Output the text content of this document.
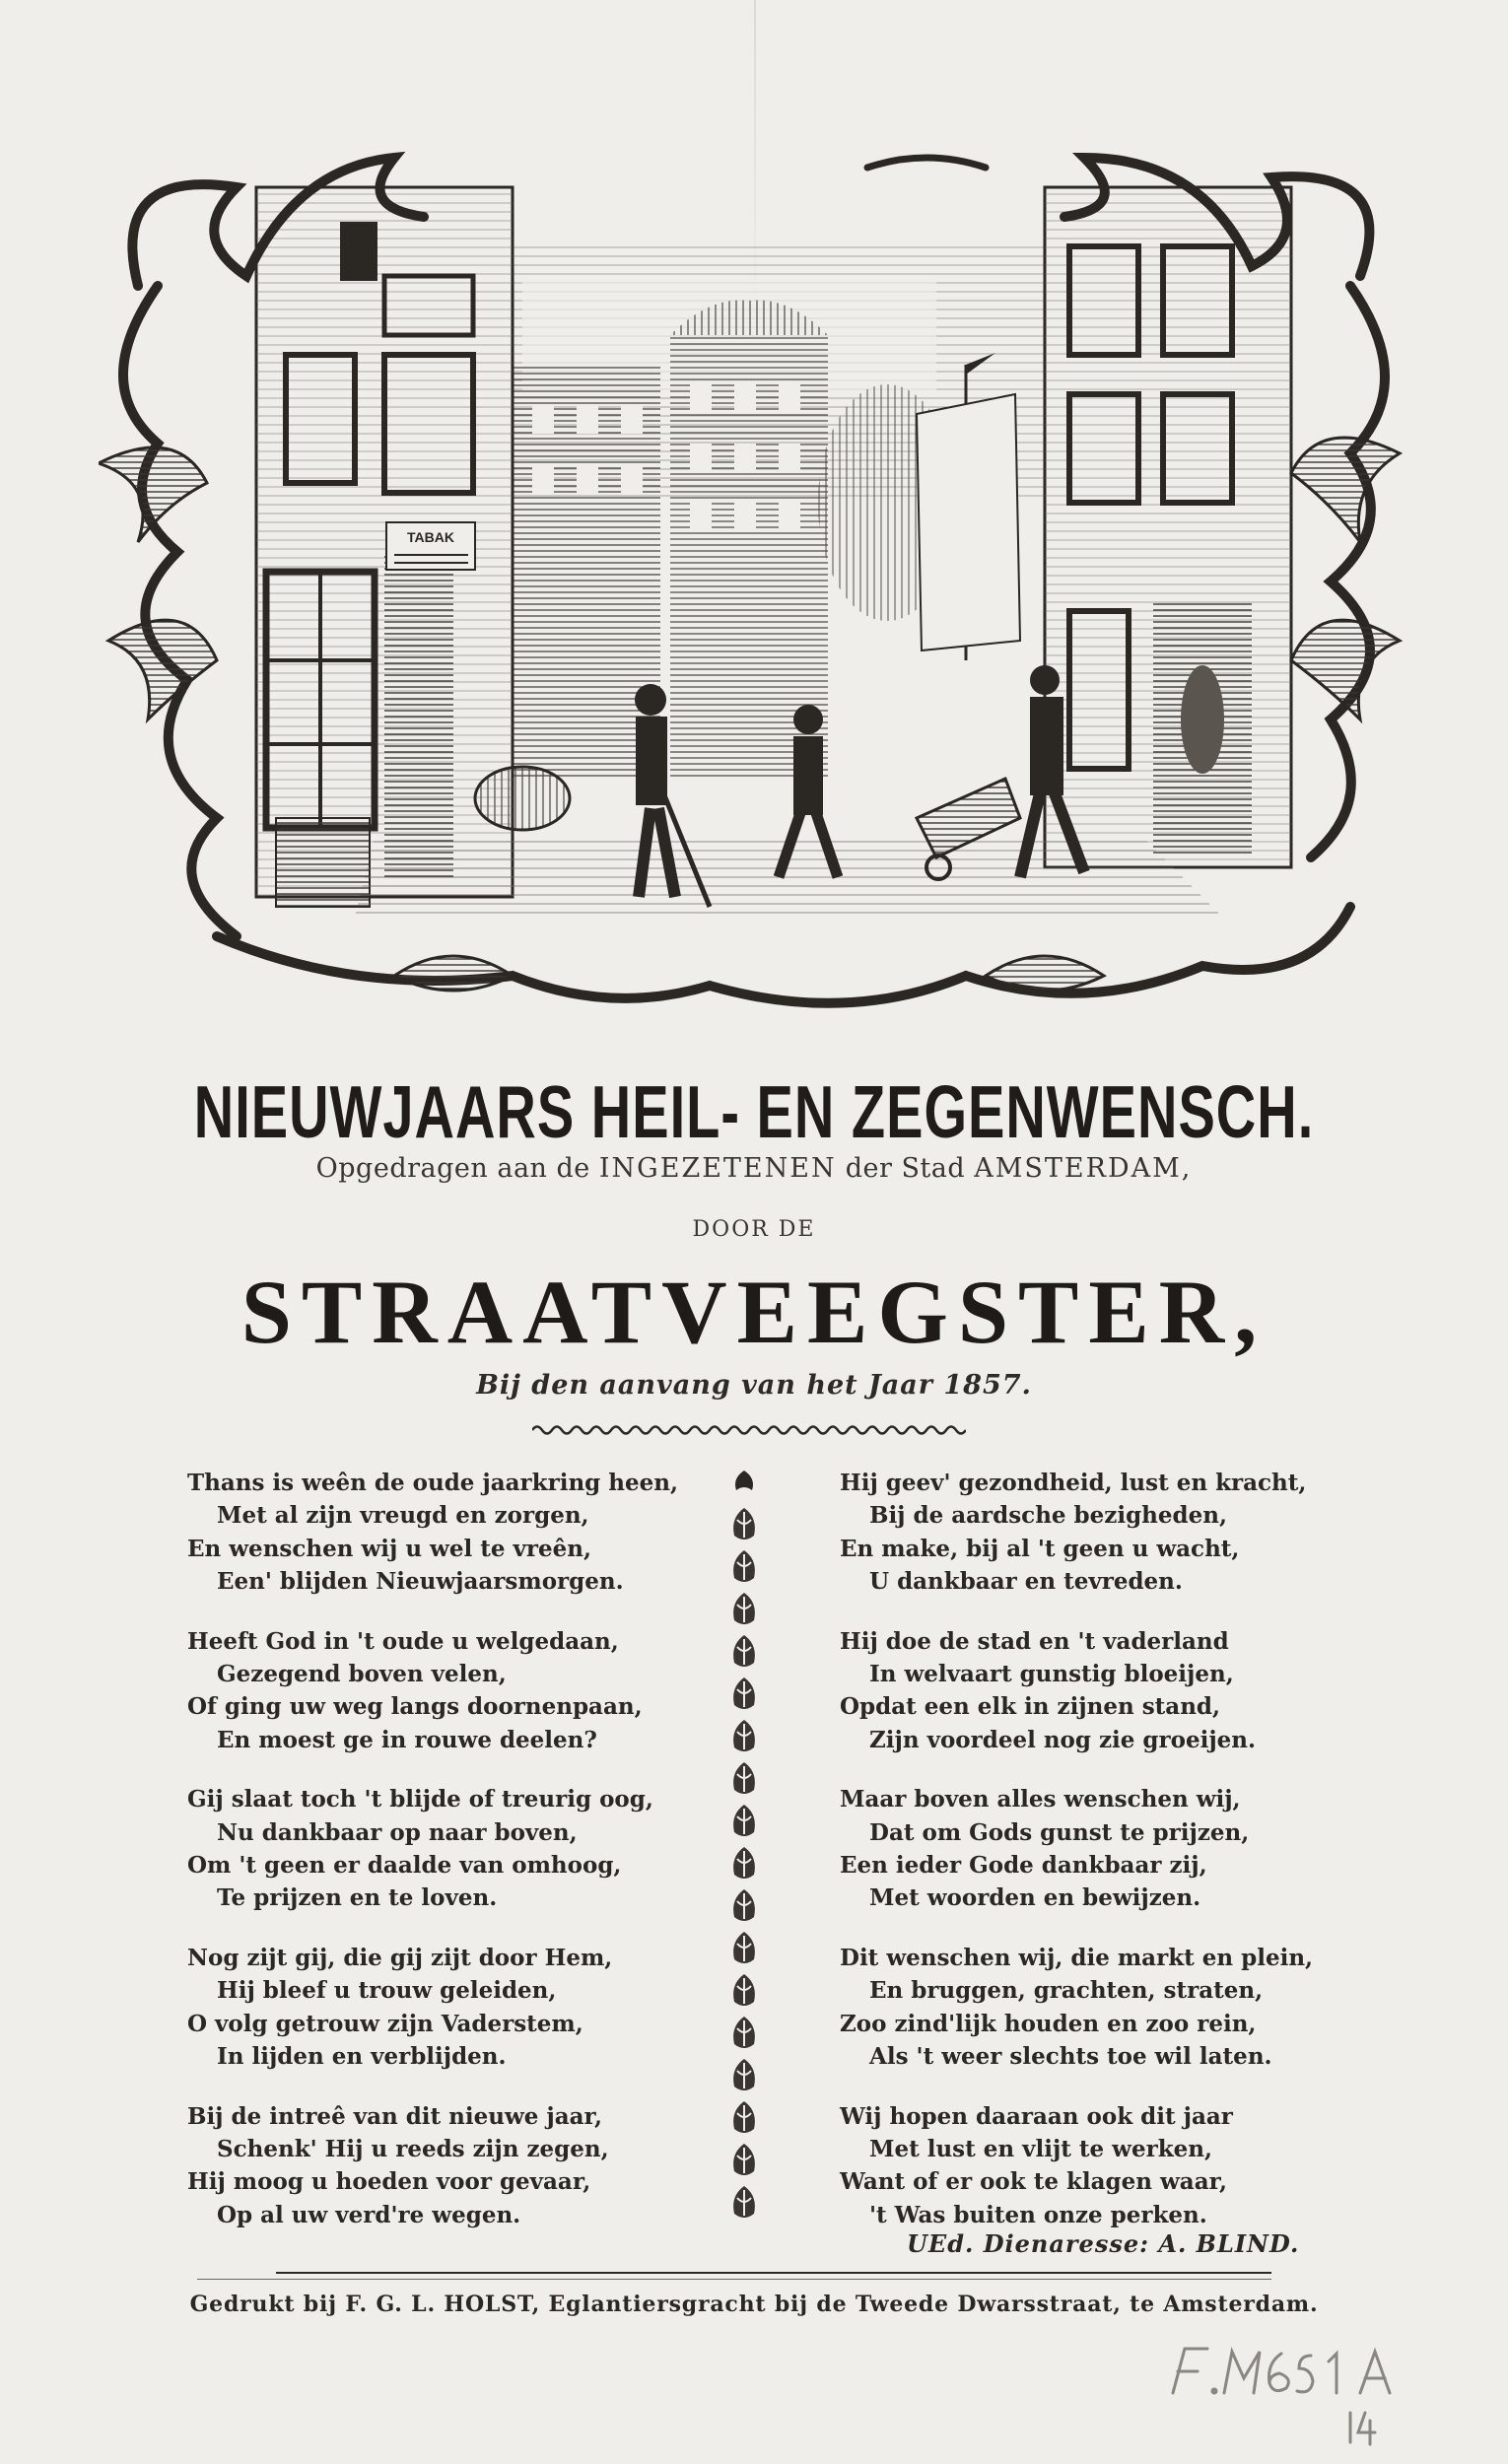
TABAK
NIEUWJAARS HEIL- EN ZEGENWENSCH.
Opgedragen aan de INGEZETENEN der Stad AMSTERDAM,
DOOR DE
STRAATVEEGSTER,
Bij den aanvang van het Jaar 1857.
Thans is weên de oude jaarkring heen,
Met al zijn vreugd en zorgen,
En wenschen wij u wel te vreên,
Een' blijden Nieuwjaarsmorgen.
Heeft God in 't oude u welgedaan,
Gezegend boven velen,
Of ging uw weg langs doornenpaan,
En moest ge in rouwe deelen?
Gij slaat toch 't blijde of treurig oog,
Nu dankbaar op naar boven,
Om 't geen er daalde van omhoog,
Te prijzen en te loven.
Nog zijt gij, die gij zijt door Hem,
Hij bleef u trouw geleiden,
O volg getrouw zijn Vaderstem,
In lijden en verblijden.
Bij de intreê van dit nieuwe jaar,
Schenk' Hij u reeds zijn zegen,
Hij moog u hoeden voor gevaar,
Op al uw verd're wegen.
Hij geev' gezondheid, lust en kracht,
Bij de aardsche bezigheden,
En make, bij al 't geen u wacht,
U dankbaar en tevreden.
Hij doe de stad en 't vaderland
In welvaart gunstig bloeijen,
Opdat een elk in zijnen stand,
Zijn voordeel nog zie groeijen.
Maar boven alles wenschen wij,
Dat om Gods gunst te prijzen,
Een ieder Gode dankbaar zij,
Met woorden en bewijzen.
Dit wenschen wij, die markt en plein,
En bruggen, grachten, straten,
Zoo zind'lijk houden en zoo rein,
Als 't weer slechts toe wil laten.
Wij hopen daaraan ook dit jaar
Met lust en vlijt te werken,
Want of er ook te klagen waar,
't Was buiten onze perken.
UEd. Dienaresse: A. BLIND.
Gedrukt bij F. G. L. HOLST, Eglantiersgracht bij de Tweede Dwarsstraat, te Amsterdam.
